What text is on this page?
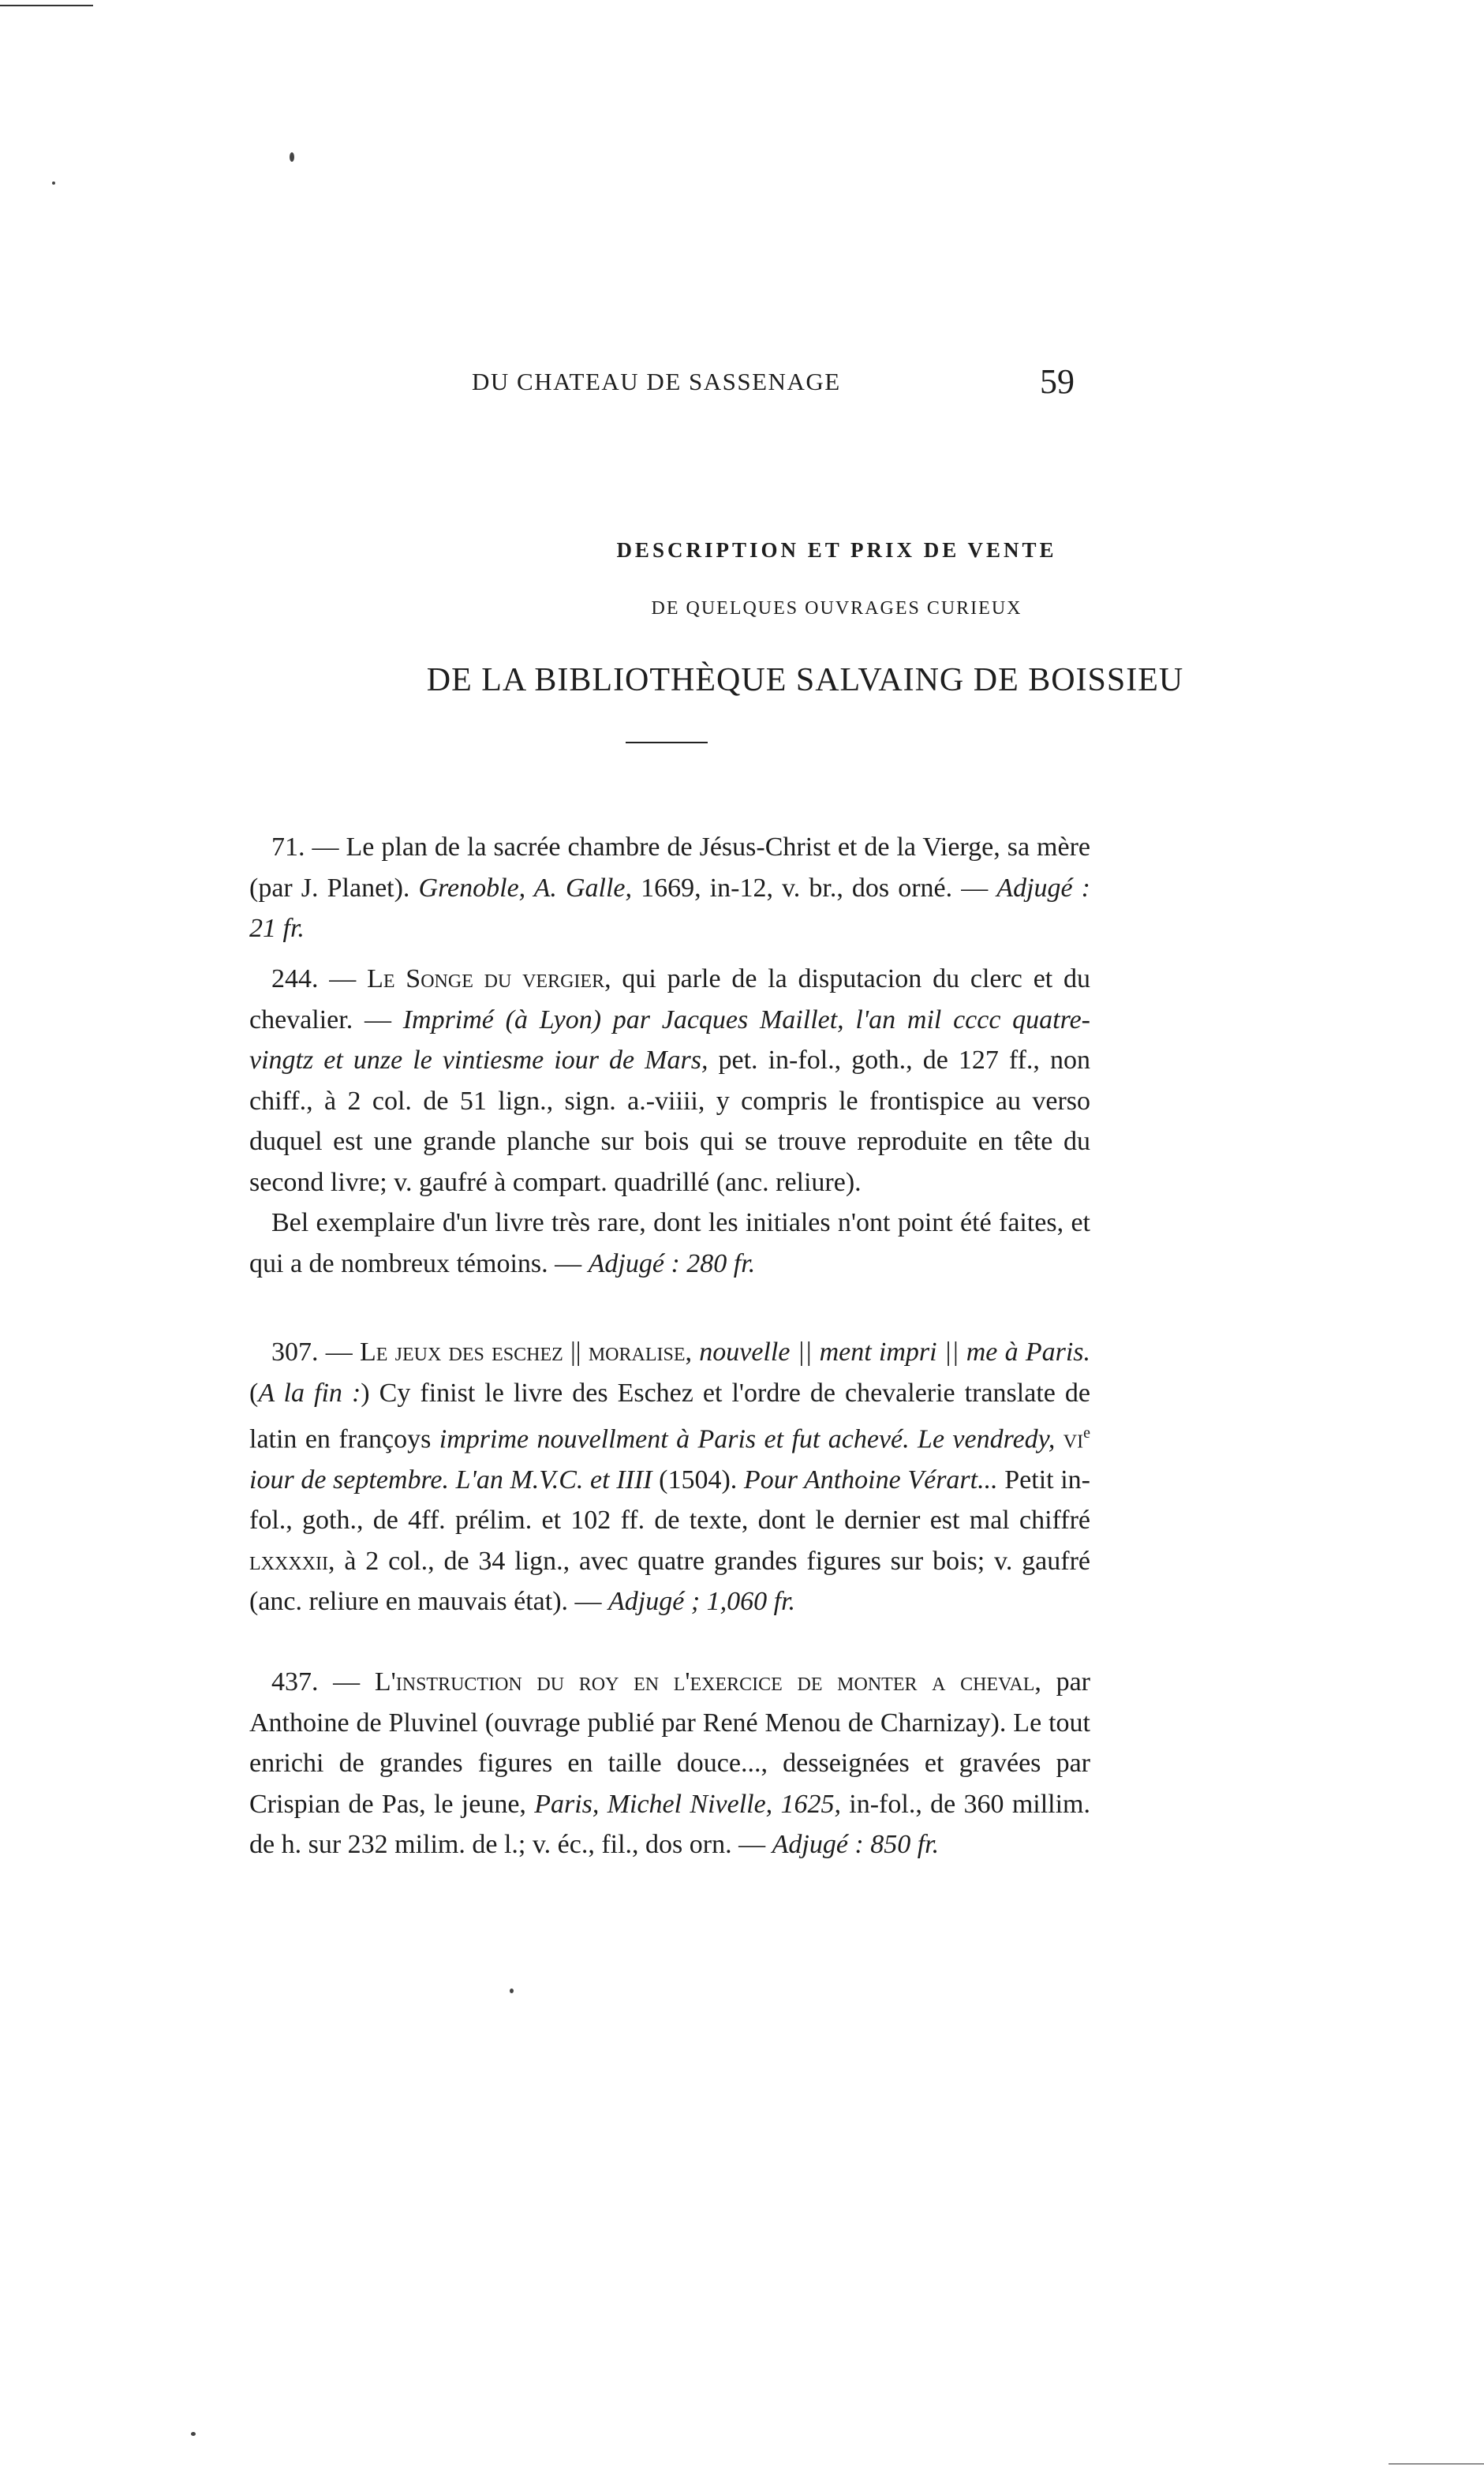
DU CHATEAU DE SASSENAGE	59
DESCRIPTION ET PRIX DE VENTE
DE QUELQUES OUVRAGES CURIEUX
DE LA BIBLIOTHÈQUE SALVAING DE BOISSIEU

71. — Le plan de la sacrée chambre de Jésus-Christ et de la Vierge, sa mère (par J. Planet). Grenoble, A. Galle, 1669, in-12, v. br., dos orné. — Adjugé : 21 fr.

244. — Le Songe du vergier, qui parle de la disputacion du clerc et du chevalier. — Imprimé (à Lyon) par Jacques Maillet, l'an mil cccc quatre-vingtz et unze le vintiesme iour de Mars, pet. in-fol., goth., de 127 ff., non chiff., à 2 col. de 51 lign., sign. a.-viiii, y compris le frontispice au verso duquel est une grande planche sur bois qui se trouve reproduite en tête du second livre; v. gaufré à compart. quadrillé (anc. reliure).

Bel exemplaire d'un livre très rare, dont les initiales n'ont point été faites, et qui a de nombreux témoins. — Adjugé : 280 fr.

307. — Le jeux des eschez || moralise, nouvelle || ment impri || me à Paris. (A la fin :) Cy finist le livre des Eschez et l'ordre de chevalerie translate de latin en françoys imprime nouvellment à Paris et fut achevé. Le vendredy, $vi^e$ iour de septembre. L'an M.V.C. et IIII (1504). Pour Anthoine Vérart... Petit in-fol., goth., de 4ff. prélim. et 102 ff. de texte, dont le dernier est mal chiffré lxxxxii, à 2 col., de 34 lign., avec quatre grandes figures sur bois; v. gaufré (anc. reliure en mauvais état). — Adjugé ; 1,060 fr.

437. — L'instruction du roy en l'exercice de monter a cheval, par Anthoine de Pluvinel (ouvrage publié par René Menou de Charnizay). Le tout enrichi de grandes figures en taille douce..., desseignées et gravées par Crispian de Pas, le jeune, Paris, Michel Nivelle, 1625, in-fol., de 360 millim. de h. sur 232 milim. de l.; v. éc., fil., dos orn. — Adjugé : 850 fr.
